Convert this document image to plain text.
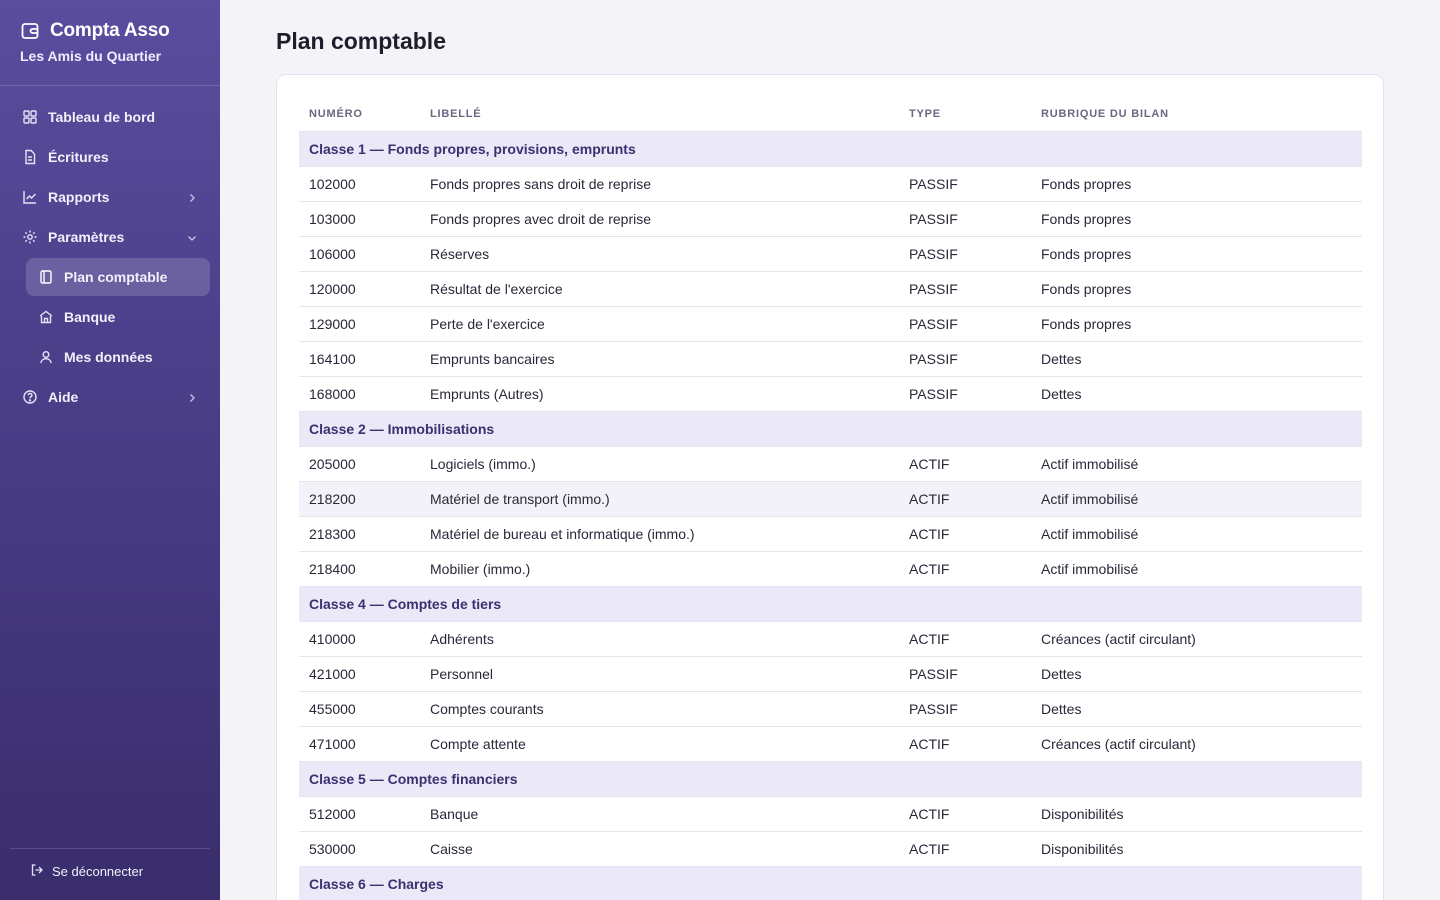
Compta Asso
Les Amis du Quartier
Tableau de bord
Écritures
Rapports
Paramètres
Plan comptable
Banque
Mes données
Aide
Se déconnecter
Plan comptable
NUMÉRO	LIBELLÉ	TYPE	RUBRIQUE DU BILAN
Classe 1 — Fonds propres, provisions, emprunts			
102000	Fonds propres sans droit de reprise	PASSIF	Fonds propres
103000	Fonds propres avec droit de reprise	PASSIF	Fonds propres
106000	Réserves	PASSIF	Fonds propres
120000	Résultat de l'exercice	PASSIF	Fonds propres
129000	Perte de l'exercice	PASSIF	Fonds propres
164100	Emprunts bancaires	PASSIF	Dettes
168000	Emprunts (Autres)	PASSIF	Dettes
Classe 2 — Immobilisations			
205000	Logiciels (immo.)	ACTIF	Actif immobilisé
218200	Matériel de transport (immo.)	ACTIF	Actif immobilisé
218300	Matériel de bureau et informatique (immo.)	ACTIF	Actif immobilisé
218400	Mobilier (immo.)	ACTIF	Actif immobilisé
Classe 4 — Comptes de tiers			
410000	Adhérents	ACTIF	Créances (actif circulant)
421000	Personnel	PASSIF	Dettes
455000	Comptes courants	PASSIF	Dettes
471000	Compte attente	ACTIF	Créances (actif circulant)
Classe 5 — Comptes financiers			
512000	Banque	ACTIF	Disponibilités
530000	Caisse	ACTIF	Disponibilités
Classe 6 — Charges			
